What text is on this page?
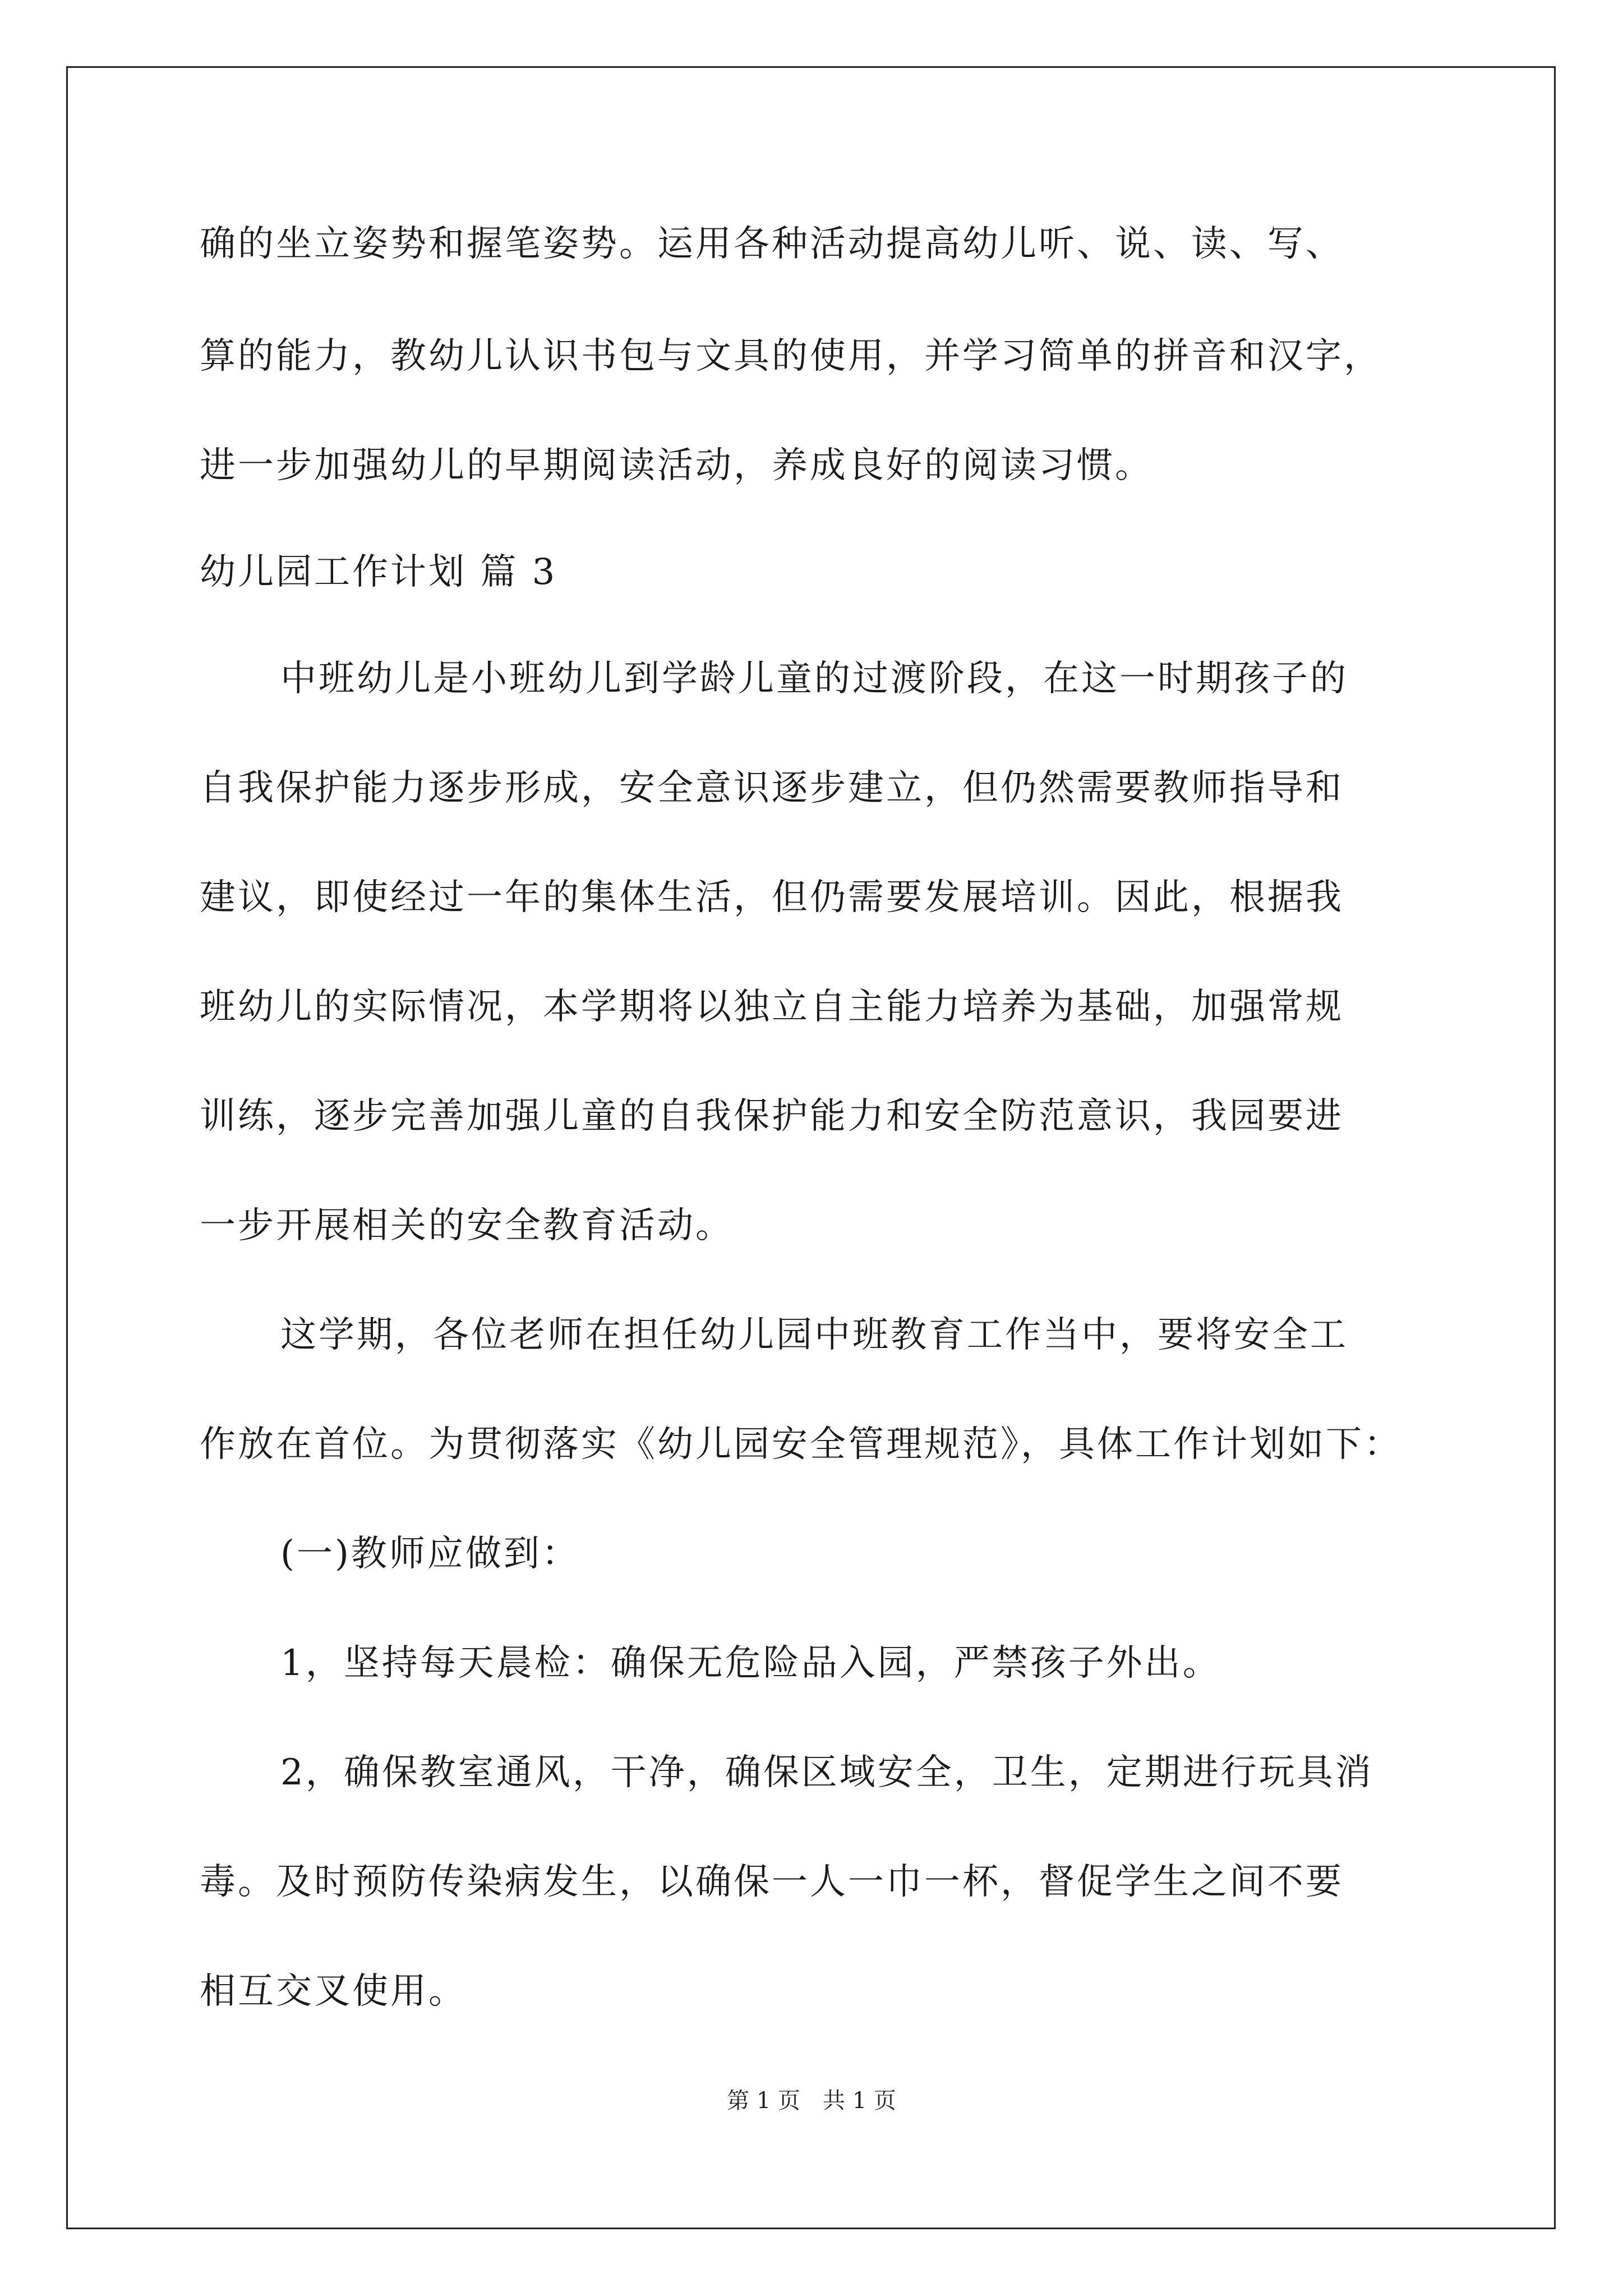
确的坐立姿势和握笔姿势。运用各种活动提高幼儿听、说、读、写、
算的能力，教幼儿认识书包与文具的使用，并学习简单的拼音和汉字，
进一步加强幼儿的早期阅读活动，养成良好的阅读习惯。
幼儿园工作计划 篇 3
中班幼儿是小班幼儿到学龄儿童的过渡阶段，在这一时期孩子的
自我保护能力逐步形成，安全意识逐步建立，但仍然需要教师指导和
建议，即使经过一年的集体生活，但仍需要发展培训。因此，根据我
班幼儿的实际情况，本学期将以独立自主能力培养为基础，加强常规
训练，逐步完善加强儿童的自我保护能力和安全防范意识，我园要进
一步开展相关的安全教育活动。
这学期，各位老师在担任幼儿园中班教育工作当中，要将安全工
作放在首位。为贯彻落实《幼儿园安全管理规范》，具体工作计划如下：
(一)教师应做到：
1，坚持每天晨检：确保无危险品入园，严禁孩子外出。
2，确保教室通风，干净，确保区域安全，卫生，定期进行玩具消
毒。及时预防传染病发生，以确保一人一巾一杯，督促学生之间不要
相互交叉使用。
第 1 页　共 1 页
